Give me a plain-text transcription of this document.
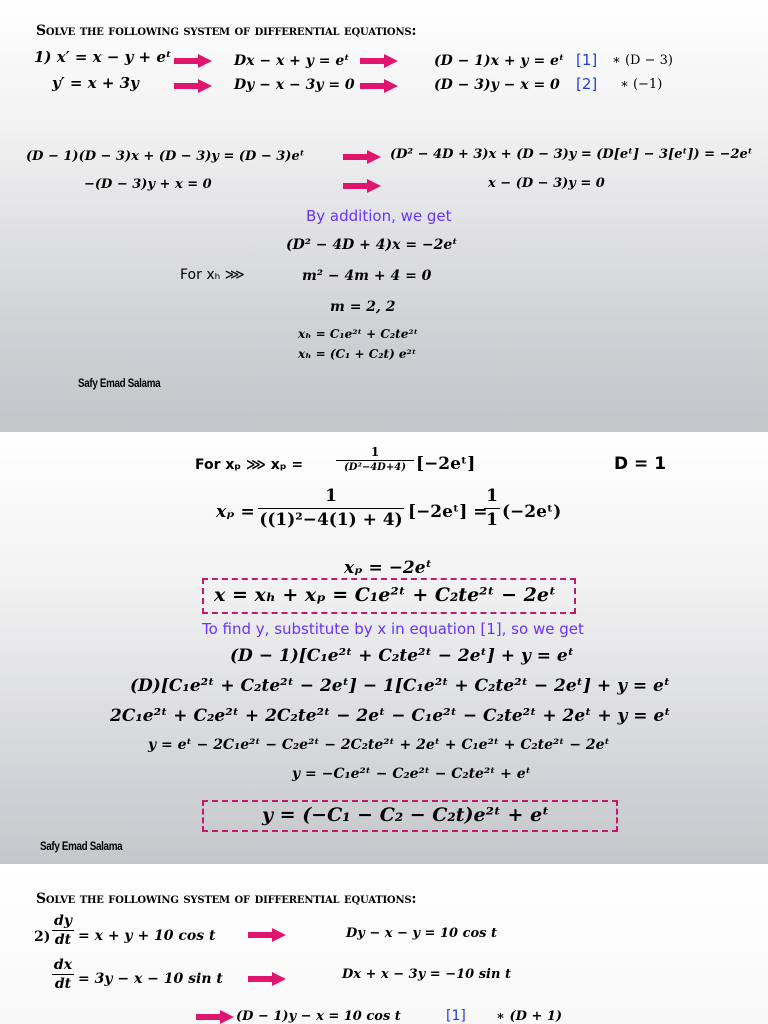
Solve the following system of differential equations:
1) x′ = x − y + eᵗ
y′ = x + 3y
Dx − x + y = eᵗ
Dy − x − 3y = 0
(D − 1)x + y = eᵗ [1] ∗ (D − 3)
(D − 3)y − x = 0 [2] ∗ (−1)
(D − 1)(D − 3)x + (D − 3)y = (D − 3)eᵗ
−(D − 3)y + x = 0
(D² − 4D + 3)x + (D − 3)y = (D[eᵗ] − 3[eᵗ]) = −2eᵗ
x − (D − 3)y = 0
By addition, we get
(D² − 4D + 4)x = −2eᵗ
For xₕ ⋙	m² − 4m + 4 = 0
m = 2, 2
xₕ = C₁e²ᵗ + C₂te²ᵗ
xₕ = (C₁ + C₂t) e²ᵗ
Safy Emad Salama
For xₚ ⋙ xₚ =
1
(D²−4D+4) [−2eᵗ]	D = 1
xₚ =
1
((1)²−4(1) + 4) [−2eᵗ] =
1
1 (−2eᵗ)
xₚ = −2eᵗ
x = xₕ + xₚ = C₁e²ᵗ + C₂te²ᵗ − 2eᵗ
To find y, substitute by x in equation [1], so we get
(D − 1)[C₁e²ᵗ + C₂te²ᵗ − 2eᵗ] + y = eᵗ
(D)[C₁e²ᵗ + C₂te²ᵗ − 2eᵗ] − 1[C₁e²ᵗ + C₂te²ᵗ − 2eᵗ] + y = eᵗ
2C₁e²ᵗ + C₂e²ᵗ + 2C₂te²ᵗ − 2eᵗ − C₁e²ᵗ − C₂te²ᵗ + 2eᵗ + y = eᵗ
y = eᵗ − 2C₁e²ᵗ − C₂e²ᵗ − 2C₂te²ᵗ + 2eᵗ + C₁e²ᵗ + C₂te²ᵗ − 2eᵗ
y = −C₁e²ᵗ − C₂e²ᵗ − C₂te²ᵗ + eᵗ
y = (−C₁ − C₂ − C₂t)e²ᵗ + eᵗ
Safy Emad Salama
Solve the following system of differential equations:
2)
dy
dt = x + y + 10 cos t
dx
dt = 3y − x − 10 sin t
Dy − x − y = 10 cos t
Dx + x − 3y = −10 sin t
(D − 1)y − x = 10 cos t	[1] ∗ (D + 1)
